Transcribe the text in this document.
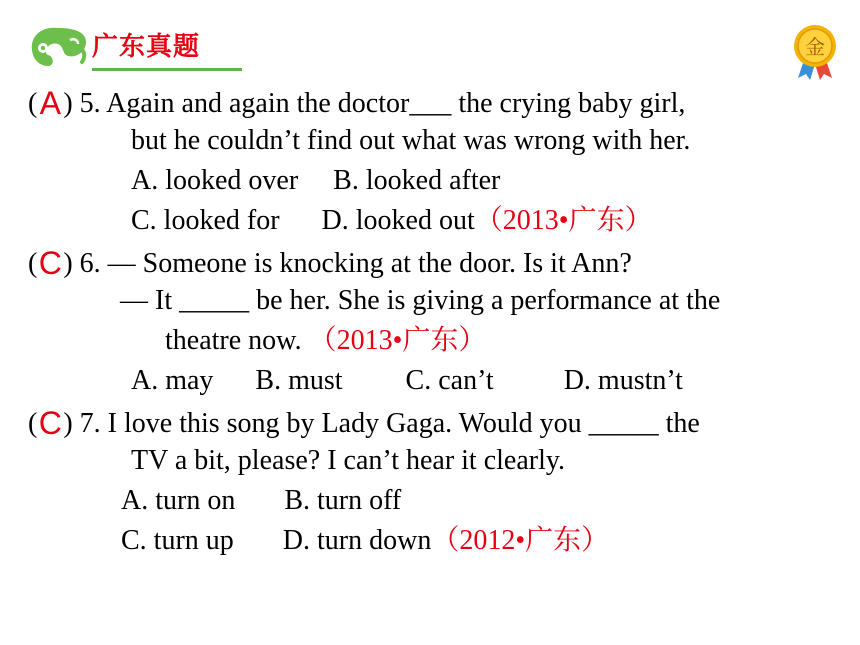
广东真题	金
(A) 5. Again and again the doctor___ the crying baby girl,
but he couldn’t find out what was wrong with her.
A. looked over     B. looked after
C. looked for      D. looked out（2013•广东）
(C) 6. — Someone is knocking at the door. Is it Ann?
— It _____ be her. She is giving a performance at the
theatre now. （2013•广东）
A. may      B. must         C. can’t          D. mustn’t
(C) 7. I love this song by Lady Gaga. Would you _____ the
TV a bit, please? I can’t hear it clearly.
A. turn on       B. turn off
C. turn up       D. turn down（2012•广东）
